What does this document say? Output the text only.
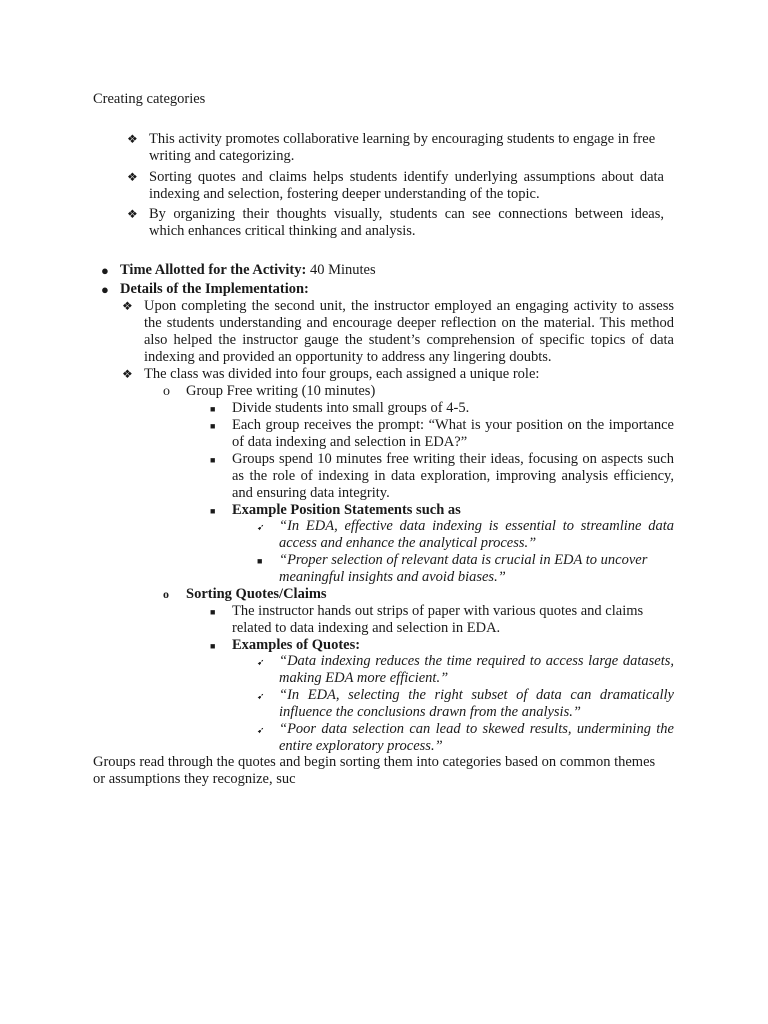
Creating categories
❖ This activity promotes collaborative learning by encouraging students to engage in free writing and categorizing.
❖ Sorting quotes and claims helps students identify underlying assumptions about data indexing and selection, fostering deeper understanding of the topic.
❖ By organizing their thoughts visually, students can see connections between ideas, which enhances critical thinking and analysis.
● Time Allotted for the Activity: 40 Minutes
● Details of the Implementation:
❖ Upon completing the second unit, the instructor employed an engaging activity to assess the students understanding and encourage deeper reflection on the material. This method also helped the instructor gauge the student’s comprehension of specific topics of data indexing and provided an opportunity to address any lingering doubts.
❖ The class was divided into four groups, each assigned a unique role:
o Group Free writing (10 minutes)
■ Divide students into small groups of 4-5.
■ Each group receives the prompt: “What is your position on the importance of data indexing and selection in EDA?”
■ Groups spend 10 minutes free writing their ideas, focusing on aspects such as the role of indexing in data exploration, improving analysis efficiency, and ensuring data integrity.
■ Example Position Statements such as
➹ “In EDA, effective data indexing is essential to streamline data access and enhance the analytical process.”
■ “Proper selection of relevant data is crucial in EDA to uncover meaningful insights and avoid biases.”
o Sorting Quotes/Claims
■ The instructor hands out strips of paper with various quotes and claims related to data indexing and selection in EDA.
■ Examples of Quotes:
➹ “Data indexing reduces the time required to access large datasets, making EDA more efficient.”
➹ “In EDA, selecting the right subset of data can dramatically influence the conclusions drawn from the analysis.”
➹ “Poor data selection can lead to skewed results, undermining the entire exploratory process.”
Groups read through the quotes and begin sorting them into categories based on common themes or assumptions they recognize, suc
